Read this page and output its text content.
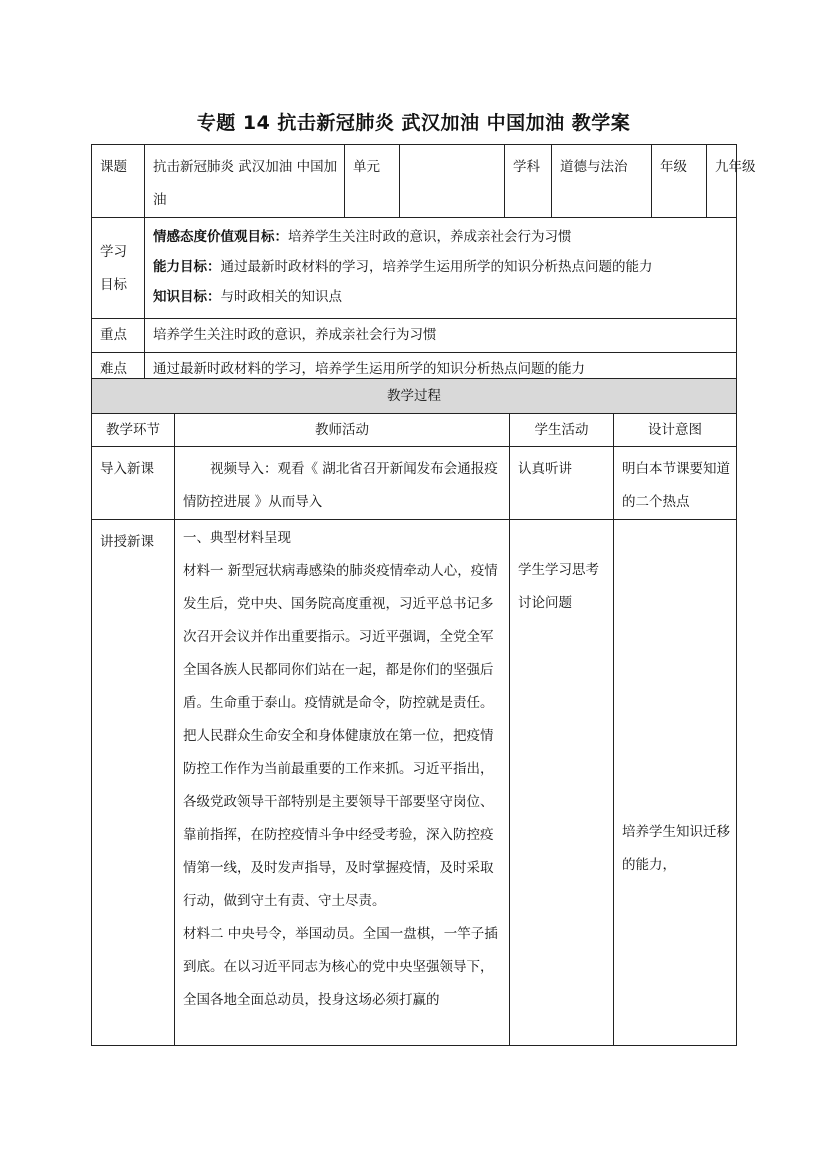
专题 14 抗击新冠肺炎 武汉加油 中国加油 教学案
课题	抗击新冠肺炎 武汉加油 中国加油	单元		学科	道德与法治	年级	九年级

学习目标	情感态度价值观目标：培养学生关注时政的意识，养成亲社会行为习惯
能力目标：通过最新时政材料的学习，培养学生运用所学的知识分析热点问题的能力
知识目标：与时政相关的知识点						

重点	培养学生关注时政的意识，养成亲社会行为习惯						

难点	通过最新时政材料的学习，培养学生运用所学的知识分析热点问题的能力						
教学过程			
教学环节	教师活动	学生活动	设计意图

导入新课	视频导入：观看《 湖北省召开新闻发布会通报疫情防控进展 》从而导入	认真听讲	明白本节课要知道的二个热点

讲授新课	一、典型材料呈现

材料一 新型冠状病毒感染的肺炎疫情牵动人心，疫情发生后，党中央、国务院高度重视，习近平总书记多次召开会议并作出重要指示。习近平强调，全党全军全国各族人民都同你们站在一起，都是你们的坚强后盾。生命重于泰山。疫情就是命令，防控就是责任。把人民群众生命安全和身体健康放在第一位，把疫情防控工作作为当前最重要的工作来抓。习近平指出，各级党政领导干部特别是主要领导干部要坚守岗位、靠前指挥，在防控疫情斗争中经受考验，深入防控疫情第一线，及时发声指导，及时掌握疫情，及时采取行动，做到守土有责、守土尽责。

材料二 中央号令，举国动员。全国一盘棋，一竿子插到底。在以习近平同志为核心的党中央坚强领导下，全国各地全面总动员，投身这场必须打赢的	学生学习思考讨论问题	培养学生知识迁移的能力，
